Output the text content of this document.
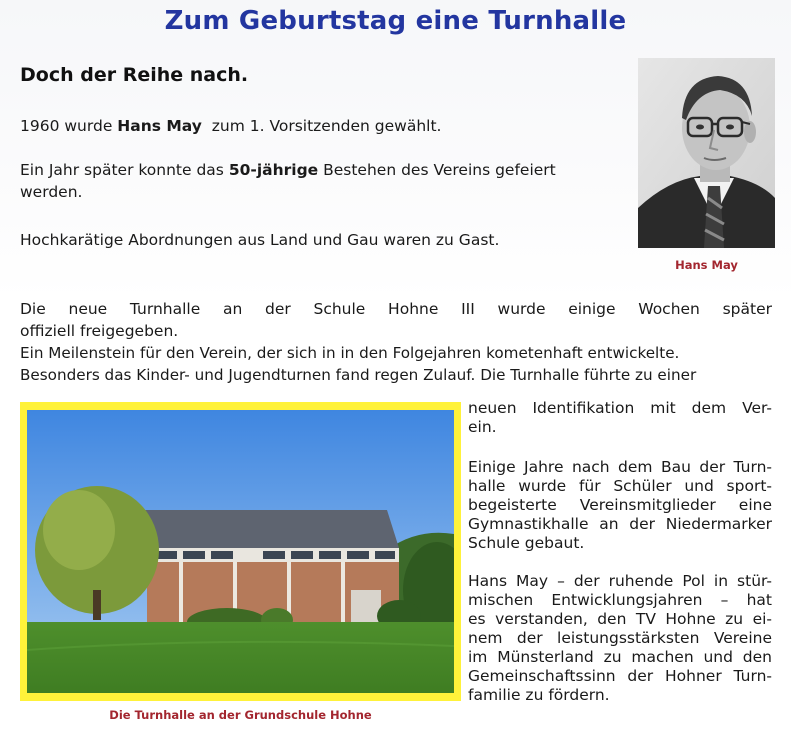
Zum Geburtstag eine Turnhalle
Doch der Reihe nach.
1960 wurde Hans May  zum 1. Vorsitzenden gewählt.
Ein Jahr später konnte das 50-jährige Bestehen des Vereins gefeiert werden.
Hochkarätige Abordnungen aus Land und Gau waren zu Gast.
Die neue Turnhalle an der Schule Hohne III wurde einige Wochen später
offiziell freigegeben.
Ein Meilenstein für den Verein, der sich in in den Folgejahren kometenhaft entwickelte.
Besonders das Kinder- und Jugendturnen fand regen Zulauf. Die Turnhalle führte zu einer
neuen Identifikation mit dem Ver-
ein.
Einige Jahre nach dem Bau der Turn-
halle wurde für Schüler und sport-
begeisterte Vereinsmitglieder eine
Gymnastikhalle an der Niedermarker
Schule gebaut.
Hans May – der ruhende Pol in stür-
mischen Entwicklungsjahren – hat
es verstanden, den TV Hohne zu ei-
nem der leistungsstärksten Vereine
im Münsterland zu machen und den
Gemeinschaftssinn der Hohner Turn-
familie zu fördern.
Hans May
Die Turnhalle an der Grundschule Hohne
